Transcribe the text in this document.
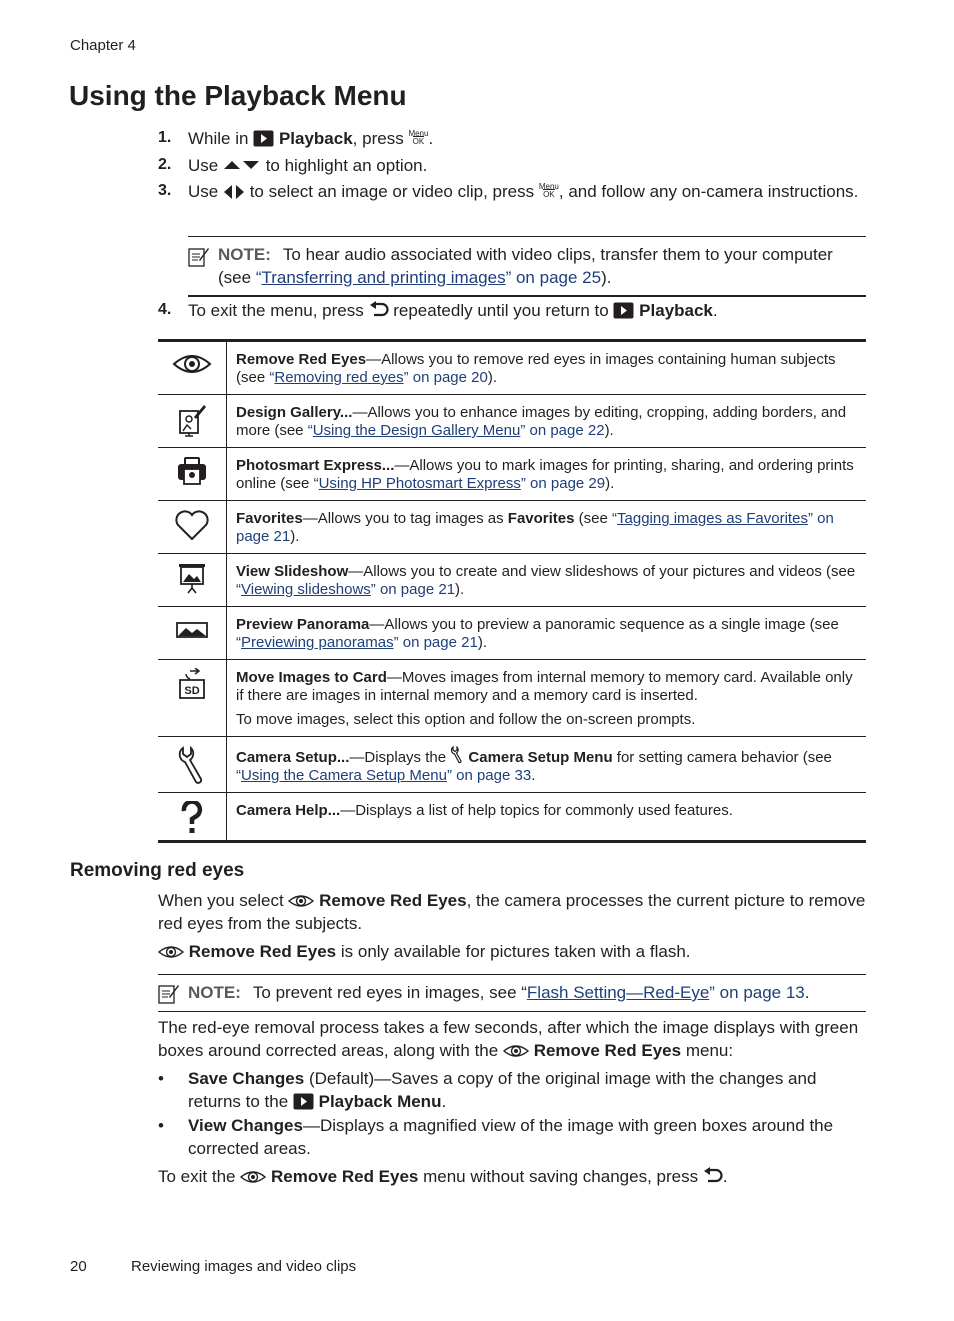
Chapter 4
Using the Playback Menu
1. While in Playback, press Menu
OK .
2. Use	to highlight an option.
3. Use to select an image or video clip, press Menu
OK , and follow any on-camera instructions.
NOTE: To hear audio associated with video clips, transfer them to your computer (see “Transferring and printing images” on page 25).
4. To exit the menu, press repeatedly until you return to Playback.
	Remove Red Eyes—Allows you to remove red eyes in images containing human subjects (see “Removing red eyes” on page 20).
	Design Gallery...—Allows you to enhance images by editing, cropping, adding borders, and more (see “Using the Design Gallery Menu” on page 22).
	Photosmart Express...—Allows you to mark images for printing, sharing, and ordering prints online (see “Using HP Photosmart Express” on page 29).
	Favorites—Allows you to tag images as Favorites (see “Tagging images as Favorites” on page 21).
	View Slideshow—Allows you to create and view slideshows of your pictures and videos (see “Viewing slideshows” on page 21).
	Preview Panorama—Allows you to preview a panoramic sequence as a single image (see “Previewing panoramas” on page 21).

SD	Move Images to Card—Moves images from internal memory to memory card. Available only if there are images in internal memory and a memory card is inserted.

To move images, select this option and follow the on-screen prompts.

	Camera Setup...—Displays the  Camera Setup Menu for setting camera behavior (see “Using the Camera Setup Menu” on page 33.
	Camera Help...—Displays a list of help topics for commonly used features.
Removing red eyes
When you select Remove Red Eyes, the camera processes the current picture to remove red eyes from the subjects.
Remove Red Eyes is only available for pictures taken with a flash.
NOTE: To prevent red eyes in images, see “Flash Setting—Red-Eye” on page 13.
The red-eye removal process takes a few seconds, after which the image displays with green boxes around corrected areas, along with the Remove Red Eyes menu:
• Save Changes (Default)—Saves a copy of the original image with the changes and returns to the  Playback Menu.
• View Changes—Displays a magnified view of the image with green boxes around the corrected areas.
To exit the Remove Red Eyes menu without saving changes, press .
20	Reviewing images and video clips
